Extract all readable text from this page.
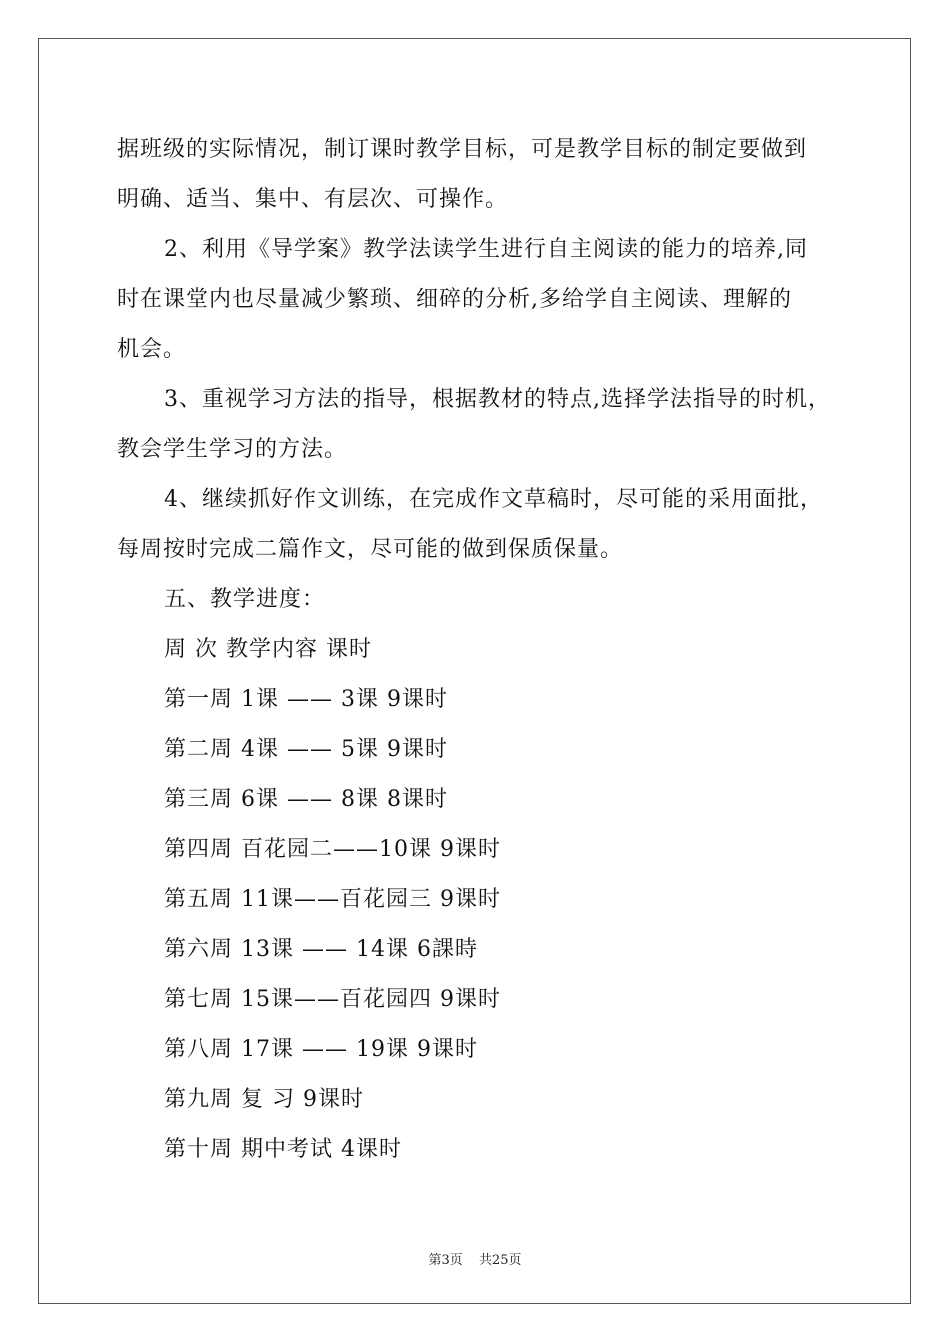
据班级的实际情况，制订课时教学目标，可是教学目标的制定要做到
明确、适当、集中、有层次、可操作。
2、利用《导学案》教学法读学生进行自主阅读的能力的培养,同
时在课堂内也尽量减少繁琐、细碎的分析,多给学自主阅读、理解的
机会。
3、重视学习方法的指导，根据教材的特点,选择学法指导的时机，
教会学生学习的方法。
4、继续抓好作文训练，在完成作文草稿时，尽可能的采用面批，
每周按时完成二篇作文，尽可能的做到保质保量。
五、教学进度：
周 次 教学内容 课时
第一周 1课 —— 3课 9课时
第二周 4课 —— 5课 9课时
第三周 6课 —— 8课 8课时
第四周 百花园二——10课 9课时
第五周 11课——百花园三 9课时
第六周 13课 —— 14课 6課時
第七周 15课——百花园四 9课时
第八周 17课 —— 19课 9课时
第九周 复 习 9课时
第十周 期中考试 4课时
第3页 共25页
